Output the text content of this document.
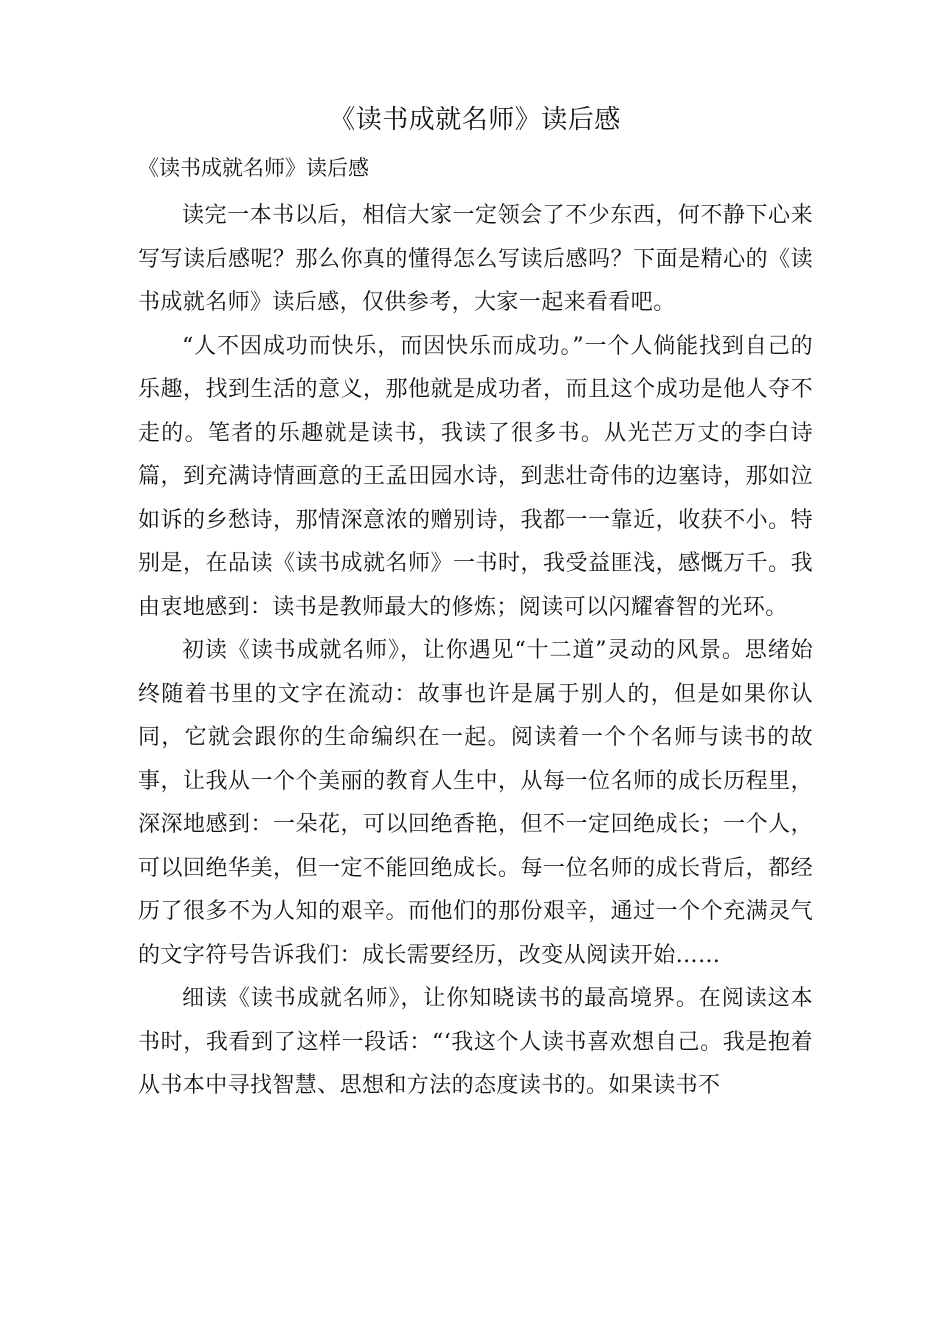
《读书成就名师》读后感
《读书成就名师》读后感

读完一本书以后，相信大家一定领会了不少东西，何不静下心来写写读后感呢？那么你真的懂得怎么写读后感吗？下面是精心的《读书成就名师》读后感，仅供参考，大家一起来看看吧。

“人不因成功而快乐，而因快乐而成功。”一个人倘能找到自己的乐趣，找到生活的意义，那他就是成功者，而且这个成功是他人夺不走的。笔者的乐趣就是读书，我读了很多书。从光芒万丈的李白诗篇，到充满诗情画意的王孟田园水诗，到悲壮奇伟的边塞诗，那如泣如诉的乡愁诗，那情深意浓的赠别诗，我都一一靠近，收获不小。特别是，在品读《读书成就名师》一书时，我受益匪浅，感慨万千。我由衷地感到：读书是教师最大的修炼；阅读可以闪耀睿智的光环。

初读《读书成就名师》，让你遇见“十二道”灵动的风景。思绪始终随着书里的文字在流动：故事也许是属于别人的，但是如果你认同，它就会跟你的生命编织在一起。阅读着一个个名师与读书的故事，让我从一个个美丽的教育人生中，从每一位名师的成长历程里，深深地感到：一朵花，可以回绝香艳，但不一定回绝成长；一个人，可以回绝华美，但一定不能回绝成长。每一位名师的成长背后，都经历了很多不为人知的艰辛。而他们的那份艰辛，通过一个个充满灵气的文字符号告诉我们：成长需要经历，改变从阅读开始……

细读《读书成就名师》，让你知晓读书的最高境界。在阅读这本书时，我看到了这样一段话：“‘我这个人读书喜欢想自己。我是抱着从书本中寻找智慧、思想和方法的态度读书的。如果读书不
